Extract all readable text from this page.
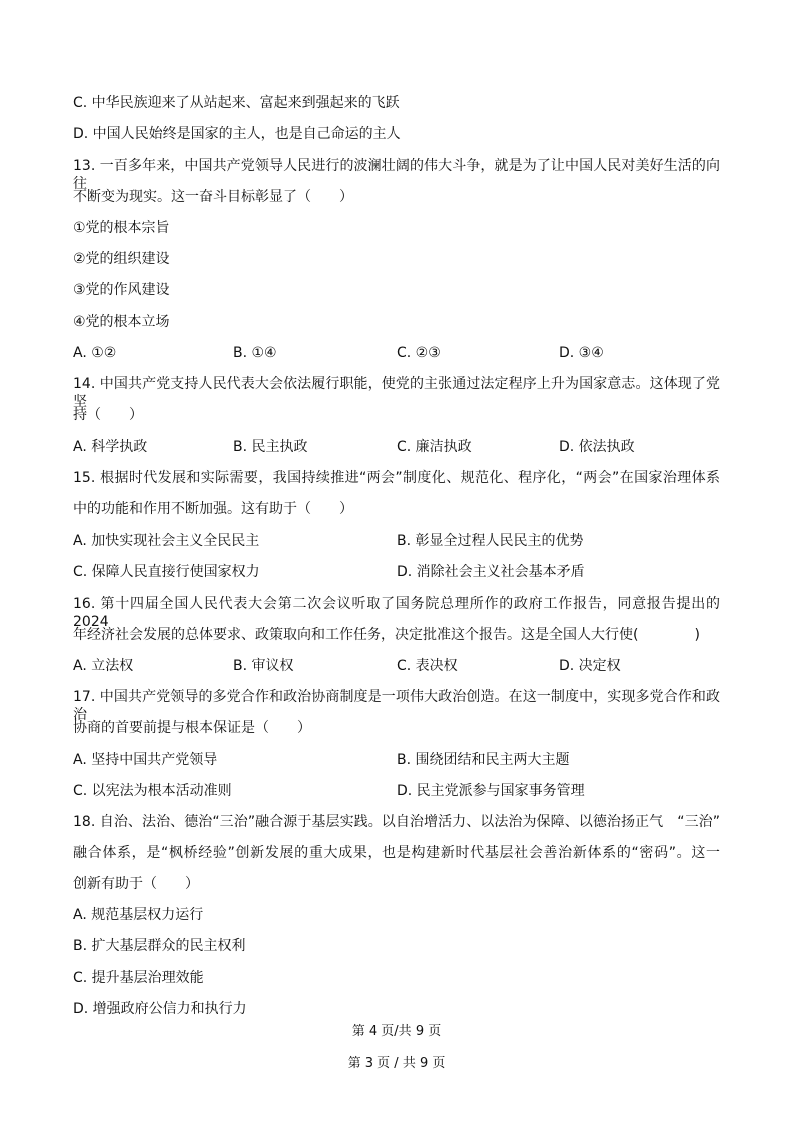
C. 中华民族迎来了从站起来、富起来到强起来的飞跃
D. 中国人民始终是国家的主人，也是自己命运的主人
13. 一百多年来，中国共产党领导人民进行的波澜壮阔的伟大斗争，就是为了让中国人民对美好生活的向往
不断变为现实。这一奋斗目标彰显了（　　）
①党的根本宗旨
②党的组织建设
③党的作风建设
④党的根本立场
A. ①②	B. ①④	C. ②③	D. ③④
14. 中国共产党支持人民代表大会依法履行职能，使党的主张通过法定程序上升为国家意志。这体现了党坚
持（　　）
A. 科学执政	B. 民主执政	C. 廉洁执政	D. 依法执政
15. 根据时代发展和实际需要，我国持续推进“两会”制度化、规范化、程序化，“两会”在国家治理体系
中的功能和作用不断加强。这有助于（　　）
A. 加快实现社会主义全民民主	B. 彰显全过程人民民主的优势
C. 保障人民直接行使国家权力	D. 消除社会主义社会基本矛盾
16. 第十四届全国人民代表大会第二次会议听取了国务院总理所作的政府工作报告，同意报告提出的 2024
年经济社会发展的总体要求、政策取向和工作任务，决定批准这个报告。这是全国人大行使(　　　　)
A. 立法权	B. 审议权	C. 表决权	D. 决定权
17. 中国共产党领导的多党合作和政治协商制度是一项伟大政治创造。在这一制度中，实现多党合作和政治
协商的首要前提与根本保证是（　　）
A. 坚持中国共产党领导	B. 围绕团结和民主两大主题
C. 以宪法为根本活动准则	D. 民主党派参与国家事务管理
18. 自治、法治、德治“三治”融合源于基层实践。以自治增活力、以法治为保障、以德治扬正气　“三治”
融合体系，是“枫桥经验”创新发展的重大成果，也是构建新时代基层社会善治新体系的“密码”。这一
创新有助于（　　）
A. 规范基层权力运行
B. 扩大基层群众的民主权利
C. 提升基层治理效能
D. 增强政府公信力和执行力
第 4 页/共 9 页
第 3 页 / 共 9 页
